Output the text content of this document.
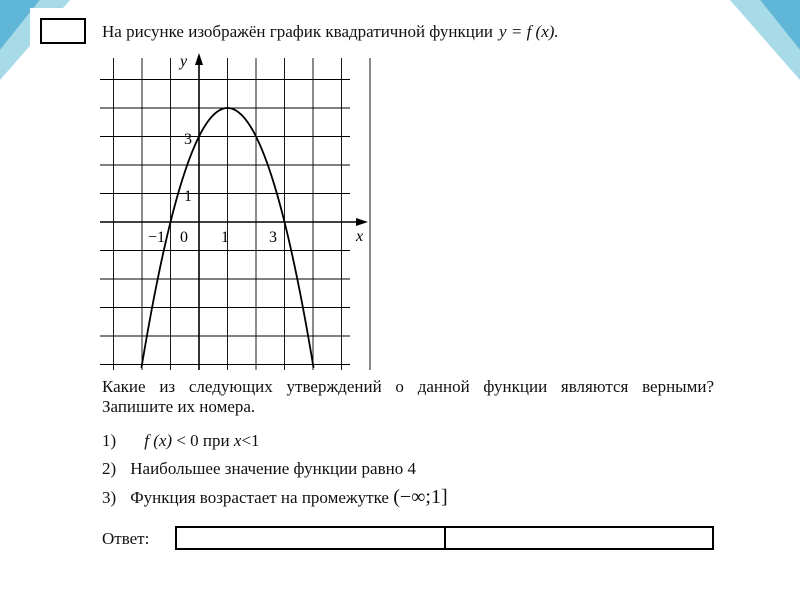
На рисунке изображён график квадратичной функции y = f (x).
y
x
−1 0 1	3
1
3
Какие из следующих утверждений о данной функции являются верными?
Запишите их номера.
1) f (x) < 0 при x<1
2) Наибольшее значение функции равно 4
3) Функция возрастает на промежутке (−∞;1]
Ответ:
